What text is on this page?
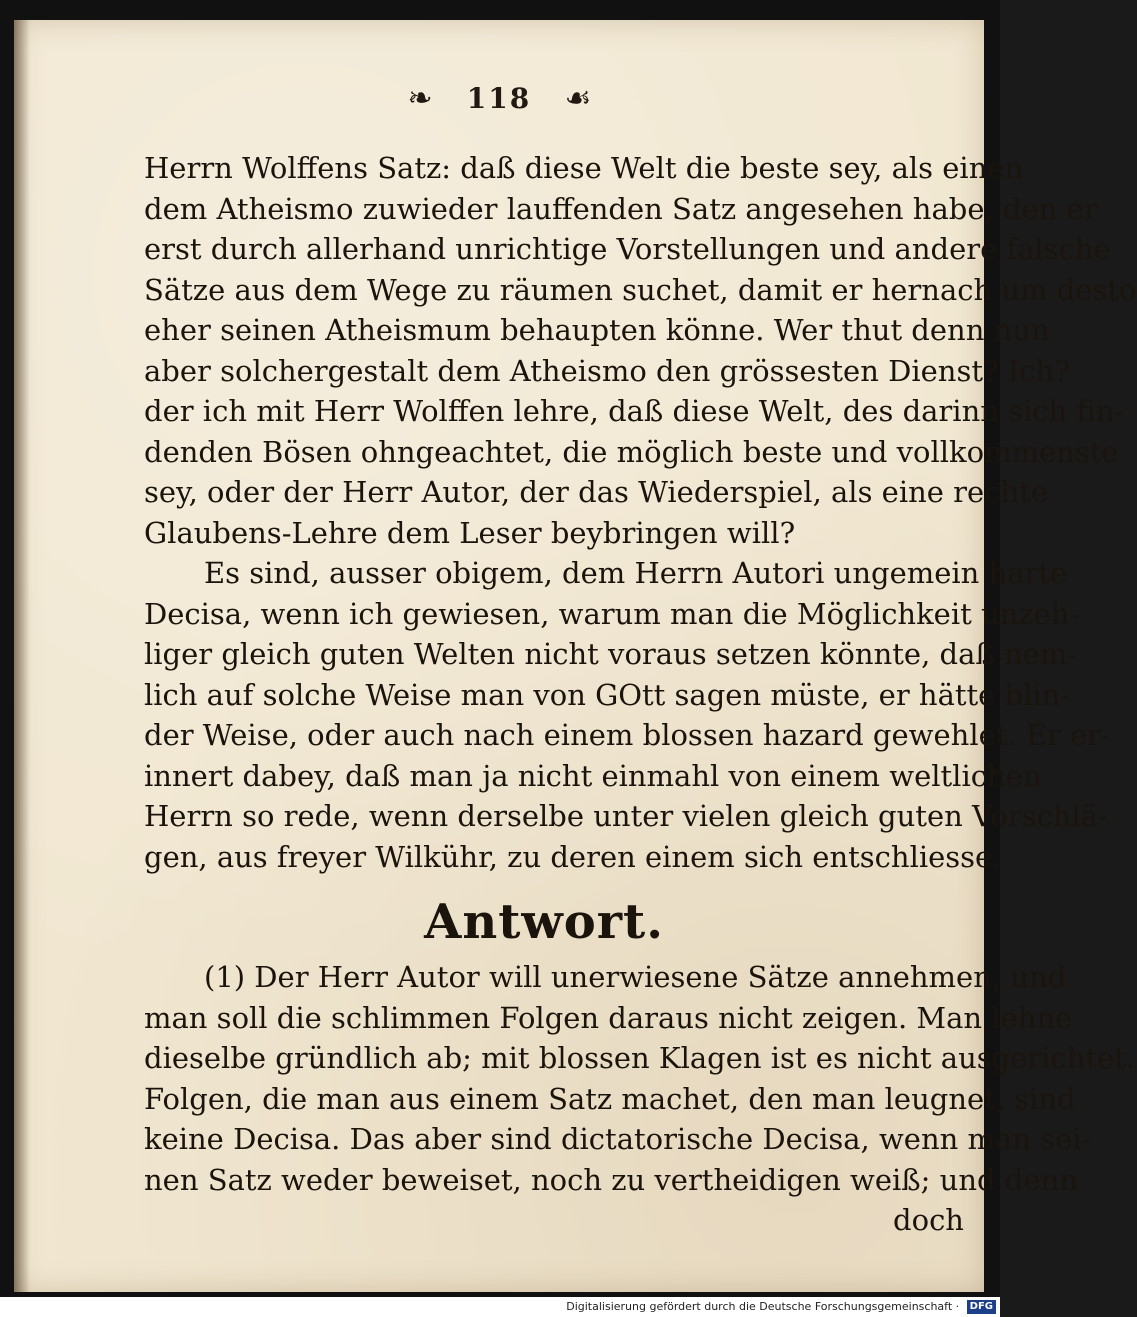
❧ 118 ☙
Herrn Wolffens Satz: daß diese Welt die beste sey, als einen
dem Atheismo zuwieder lauffenden Satz angesehen habe, den er
erst durch allerhand unrichtige Vorstellungen und andere falsche
Sätze aus dem Wege zu räumen suchet, damit er hernach um desto
eher seinen Atheismum behaupten könne. Wer thut denn nun
aber solchergestalt dem Atheismo den grössesten Dienst? Ich?
der ich mit Herr Wolffen lehre, daß diese Welt, des darinn sich fin-
denden Bösen ohngeachtet, die möglich beste und vollkommenste
sey, oder der Herr Autor, der das Wiederspiel, als eine rechte
Glaubens-Lehre dem Leser beybringen will?
Es sind, ausser obigem, dem Herrn Autori ungemein harte
Decisa, wenn ich gewiesen, warum man die Möglichkeit unzeh-
liger gleich guten Welten nicht voraus setzen könnte, daß nem-
lich auf solche Weise man von GOtt sagen müste, er hätte blin-
der Weise, oder auch nach einem blossen hazard gewehlet. Er er-
innert dabey, daß man ja nicht einmahl von einem weltlichen
Herrn so rede, wenn derselbe unter vielen gleich guten Vorschlä-
gen, aus freyer Wilkühr, zu deren einem sich entschliesse.
Antwort.
(1) Der Herr Autor will unerwiesene Sätze annehmen, und
man soll die schlimmen Folgen daraus nicht zeigen. Man lehne
dieselbe gründlich ab; mit blossen Klagen ist es nicht ausgerichtet.
Folgen, die man aus einem Satz machet, den man leugnet, sind
keine Decisa. Das aber sind dictatorische Decisa, wenn man sei-
nen Satz weder beweiset, noch zu vertheidigen weiß; und denn
doch
Digitalisierung gefördert durch die Deutsche Forschungsgemeinschaft · DFG
